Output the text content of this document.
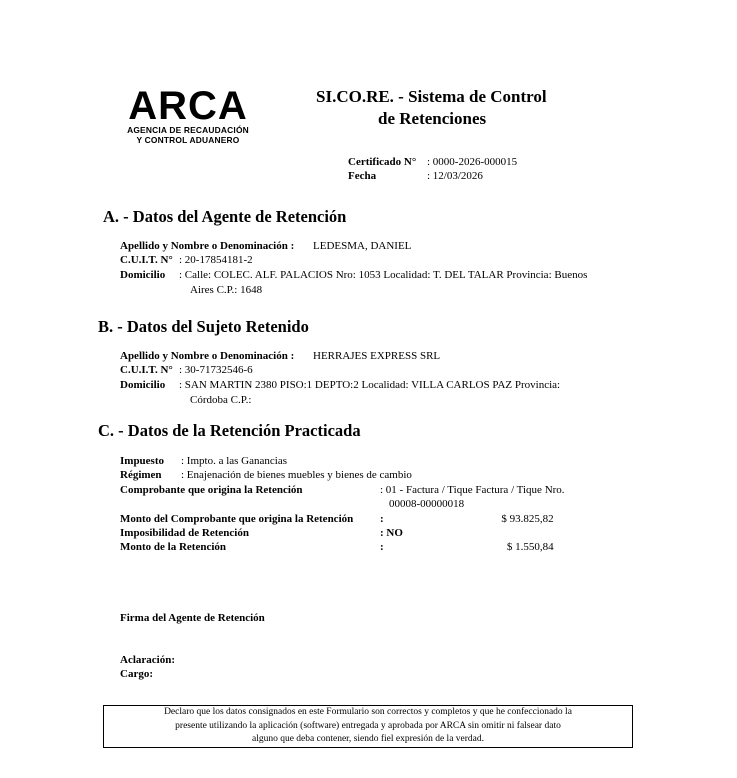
ARCA
AGENCIA DE RECAUDACIÓN
Y CONTROL ADUANERO
SI.CO.RE. - Sistema de Control
de Retenciones
Certificado N° : 0000-2026-000015
Fecha	: 12/03/2026
A. - Datos del Agente de Retención
Apellido y Nombre o Denominación :	LEDESMA, DANIEL
C.U.I.T. N° : 20-17854181-2
Domicilio	: Calle: COLEC. ALF. PALACIOS Nro: 1053 Localidad: T. DEL TALAR Provincia: Buenos
Aires C.P.: 1648
B. - Datos del Sujeto Retenido
Apellido y Nombre o Denominación :	HERRAJES EXPRESS SRL
C.U.I.T. N° : 30-71732546-6
Domicilio	: SAN MARTIN 2380 PISO:1 DEPTO:2 Localidad: VILLA CARLOS PAZ Provincia:
Córdoba C.P.:
C. - Datos de la Retención Practicada
Impuesto	: Impto. a las Ganancias
Régimen	: Enajenación de bienes muebles y bienes de cambio
Comprobante que origina la Retención	: 01 - Factura / Tique Factura / Tique Nro.
00008-00000018
Monto del Comprobante que origina la Retención	:	$ 93.825,82
Imposibilidad de Retención	: NO
Monto de la Retención	:	$ 1.550,84
Firma del Agente de Retención
Aclaración:
Cargo:
Declaro que los datos consignados en este Formulario son correctos y completos y que he confeccionado la
presente utilizando la aplicación (software) entregada y aprobada por ARCA sin omitir ni falsear dato
alguno que deba contener, siendo fiel expresión de la verdad.
